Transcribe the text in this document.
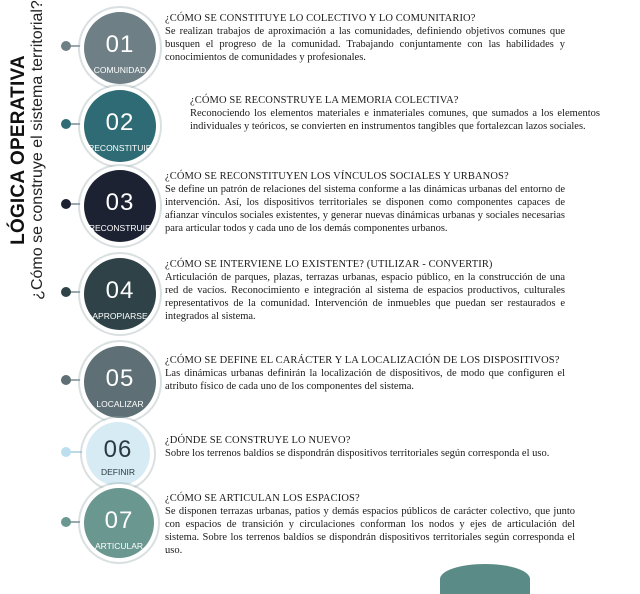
LÓGICA OPERATIVA ¿Cómo se construye el sistema territorial?	01
COMUNIDAD
¿CÓMO SE CONSTITUYE LO COLECTIVO Y LO COMUNITARIO?
Se realizan trabajos de aproximación a las comunidades, definiendo objetivos comunes que busquen el progreso de la comunidad. Trabajando conjuntamente con las habilidades y conocimientos de comunidades y profesionales.
02
RECONSTITUIR
¿CÓMO SE RECONSTRUYE LA MEMORIA COLECTIVA?
Reconociendo los elementos materiales e inmateriales comunes, que sumados a los elementos individuales y teóricos, se convierten en instrumentos tangibles que fortalezcan lazos sociales.
03
RECONSTRUIR
¿CÓMO SE RECONSTITUYEN LOS VÍNCULOS SOCIALES Y URBANOS?
Se define un patrón de relaciones del sistema conforme a las dinámicas urbanas del entorno de intervención. Así, los dispositivos territoriales se disponen como componentes capaces de afianzar vínculos sociales existentes, y generar nuevas dinámicas urbanas y sociales necesarias para articular todos y cada uno de los demás componentes urbanos.
04
APROPIARSE
¿CÓMO SE INTERVIENE LO EXISTENTE? (UTILIZAR - CONVERTIR)
Articulación de parques, plazas, terrazas urbanas, espacio público, en la construcción de una red de vacíos. Reconocimiento e integración al sistema de espacios productivos, culturales representativos de la comunidad. Intervención de inmuebles que puedan ser restaurados e integrados al sistema.
05
LOCALIZAR
¿CÓMO SE DEFINE EL CARÁCTER Y LA LOCALIZACIÓN DE LOS DISPOSITIVOS?
Las dinámicas urbanas definirán la localización de dispositivos, de modo que configuren el atributo físico de cada uno de los componentes del sistema.
06
DEFINIR
¿DÓNDE SE CONSTRUYE LO NUEVO?
Sobre los terrenos baldíos se dispondrán dispositivos territoriales según corresponda el uso.
07
ARTICULAR
¿CÓMO SE ARTICULAN LOS ESPACIOS?
Se disponen terrazas urbanas, patios y demás espacios públicos de carácter colectivo, que junto con espacios de transición y circulaciones conforman los nodos y ejes de articulación del sistema. Sobre los terrenos baldíos se dispondrán dispositivos territoriales según corresponda el uso.
